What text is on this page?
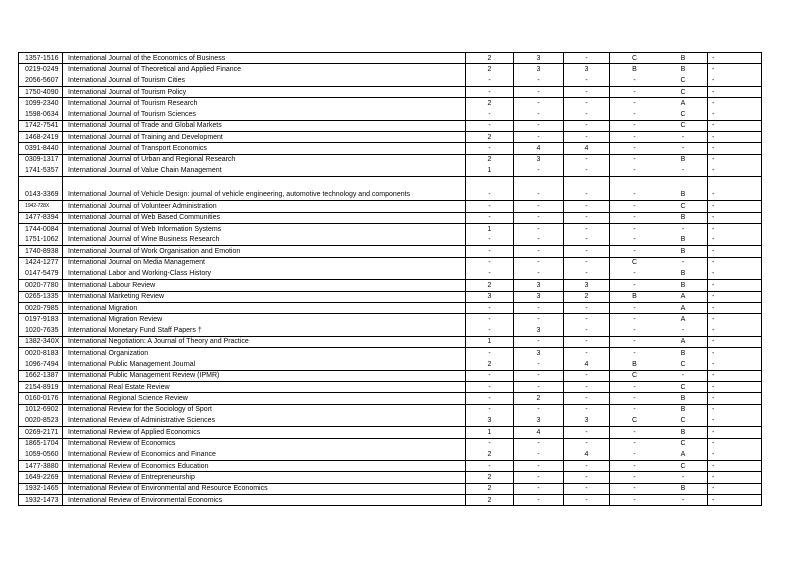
1357-1516	International Journal of the Economics of Business	2	3	-	C	B	-
0219-0249	International Journal of Theoretical and Applied Finance	2	3	3	B	B	-
2056-5607	International Journal of Tourism Cities	-	-	-	-	C	-
1750-4090	International Journal of Tourism Policy	-	-	-	-	C	-
1099-2340	International Journal of Tourism Research	2	-	-	-	A	-
1598-0634	International Journal of Tourism Sciences	-	-	-	-	C	-
1742-7541	International Journal of Trade and Global Markets	-	-	-	-	C	-
1468-2419	International Journal of Training and Development	2	-	-	-	-	-
0391-8440	International Journal of Transport Economics	-	4	4	-	-	-
0309-1317	International Journal of Urban and Regional Research	2	3	-	-	B	-
1741-5357	International Journal of Value Chain Management	1	-	-	-	-	-
0143-3369	International Journal of Vehicle Design: journal of vehicle engineering, automotive technology and components	-	-	-	-	B	-
1942-728X	International Journal of Volunteer Administration	-	-	-	-	C	-
1477-8394	International Journal of Web Based Communities	-	-	-	-	B	-
1744-0084	International Journal of Web Information Systems	1	-	-	-	-	-
1751-1062	International Journal of Wine Business Research	-	-	-	-	B	-
1740-8938	International Journal of Work Organisation and Emotion	-	-	-	-	B	-
1424-1277	International Journal on Media Management	-	-	-	C	-	-
0147-5479	International Labor and Working-Class History	-	-	-	-	B	-
0020-7780	International Labour Review	2	3	3	-	B	-
0265-1335	International Marketing Review	3	3	2	B	A	-
0020-7985	International Migration	-	-	-	-	A	-
0197-9183	International Migration Review	-	-	-	-	A	-
1020-7635	International Monetary Fund Staff Papers †	-	3	-	-	-	-
1382-340X	International Negotiation: A Journal of Theory and Practice	1	-	-	-	A	-
0020-8183	International Organization	-	3	-	-	B	-
1096-7494	International Public Management Journal	2	-	4	B	C	-
1662-1387	International Public Management Review (IPMR)	-	-	-	C	-	-
2154-8919	International Real Estate Review	-	-	-	-	C	-
0160-0176	International Regional Science Review	-	2	-	-	B	-
1012-6902	International Review for the Sociology of Sport	-	-	-	-	B	-
0020-8523	International Review of Administrative Sciences	3	3	3	C	C	-
0269-2171	International Review of Applied Economics	1	4	-	-	B	-
1865-1704	International Review of Economics	-	-	-	-	C	-
1059-0560	International Review of Economics and Finance	2	-	4	-	A	-
1477-3880	International Review of Economics Education	-	-	-	-	C	-
1649-2269	International Review of Entrepreneurship	2	-	-	-	-	-
1932-1465	International Review of Environmental and Resource Economics	2	-	-	-	B	-
1932-1473	International Review of Environmental Economics	2	-	-	-	-	-
